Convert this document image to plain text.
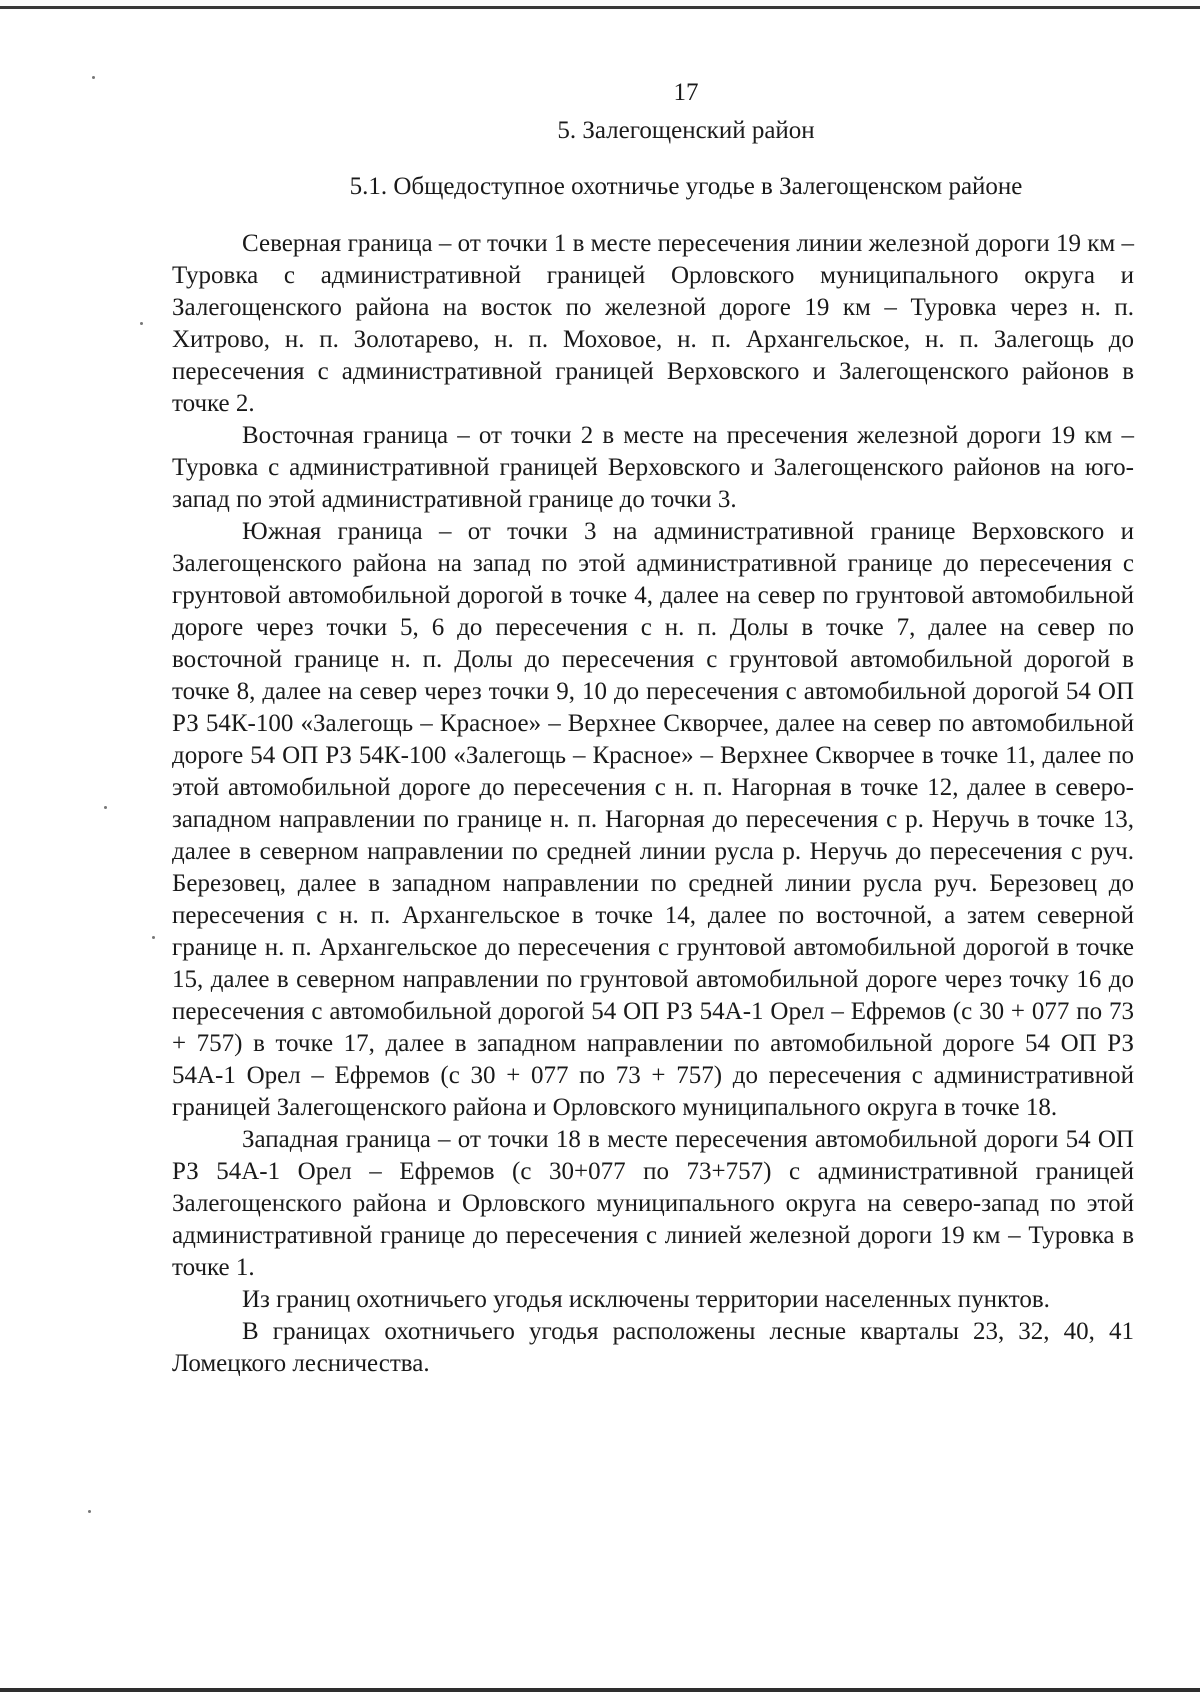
17
5. Залегощенский район
5.1. Общедоступное охотничье угодье в Залегощенском районе

Северная граница – от точки 1 в месте пересечения линии железной дороги 19 км – Туровка с административной границей Орловского муниципального округа и Залегощенского района на восток по железной дороге 19 км – Туровка через н. п. Хитрово, н. п. Золотарево, н. п. Моховое, н. п. Архангельское, н. п. Залегощь до пересечения с административной границей Верховского и Залегощенского районов в точке 2.

Восточная граница – от точки 2 в месте на пресечения железной дороги 19 км – Туровка с административной границей Верховского и Залегощенского районов на юго-запад по этой административной границе до точки 3.

Южная граница – от точки 3 на административной границе Верховского и Залегощенского района на запад по этой административной границе до пересечения с грунтовой автомобильной дорогой в точке 4, далее на север по грунтовой автомобильной дороге через точки 5, 6 до пересечения с н. п. Долы в точке 7, далее на север по восточной границе н. п. Долы до пересечения с грунтовой автомобильной дорогой в точке 8, далее на север через точки 9, 10 до пересечения с автомобильной дорогой 54 ОП РЗ 54К-100 «Залегощь – Красное» – Верхнее Скворчее, далее на север по автомобильной дороге 54 ОП РЗ 54К-100 «Залегощь – Красное» – Верхнее Скворчее в точке 11, далее по этой автомобильной дороге до пересечения с н. п. Нагорная в точке 12, далее в северо-западном направлении по границе н. п. Нагорная до пересечения с р. Неручь в точке 13, далее в северном направлении по средней линии русла р. Неручь до пересечения с руч. Березовец, далее в западном направлении по средней линии русла руч. Березовец до пересечения с н. п. Архангельское в точке 14, далее по восточной, а затем северной границе н. п. Архангельское до пересечения с грунтовой автомобильной дорогой в точке 15, далее в северном направлении по грунтовой автомобильной дороге через точку 16 до пересечения с автомобильной дорогой 54 ОП РЗ 54А-1 Орел – Ефремов (с 30 + 077 по 73 + 757) в точке 17, далее в западном направлении по автомобильной дороге 54 ОП РЗ 54А-1 Орел – Ефремов (с 30 + 077 по 73 + 757) до пересечения с административной границей Залегощенского района и Орловского муниципального округа в точке 18.

Западная граница – от точки 18 в месте пересечения автомобильной дороги 54 ОП РЗ 54А-1 Орел – Ефремов (с 30+077 по 73+757) с административной границей Залегощенского района и Орловского муниципального округа на северо-запад по этой административной границе до пересечения с линией железной дороги 19 км – Туровка в точке 1.

Из границ охотничьего угодья исключены территории населенных пунктов.

В границах охотничьего угодья расположены лесные кварталы 23, 32, 40, 41 Ломецкого лесничества.
